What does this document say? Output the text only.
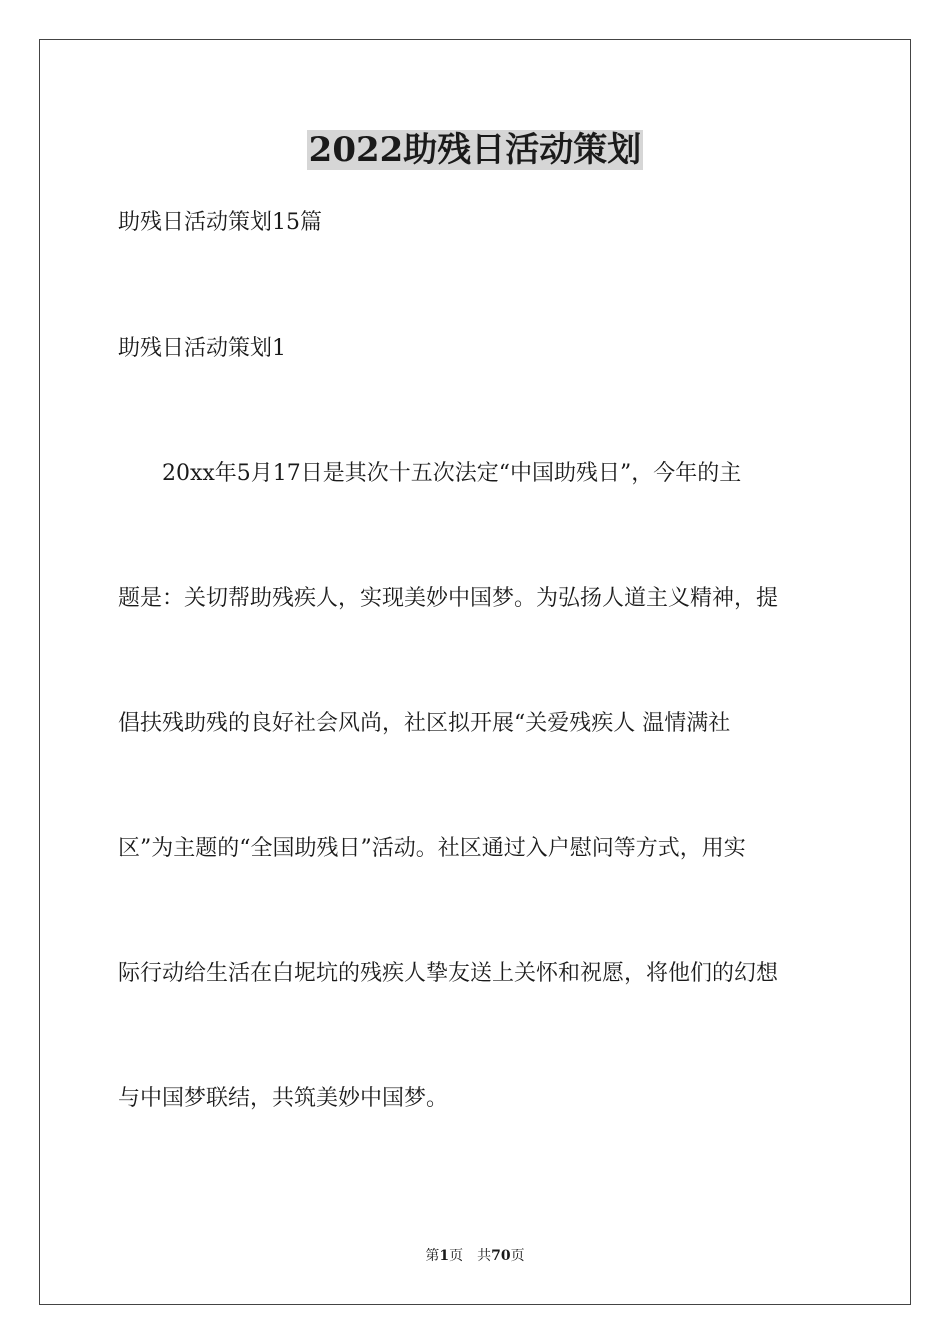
2022助残日活动策划
助残日活动策划15篇
助残日活动策划1
20xx年5月17日是其次十五次法定“中国助残日”，今年的主
题是：关切帮助残疾人，实现美妙中国梦。为弘扬人道主义精神，提
倡扶残助残的良好社会风尚，社区拟开展“关爱残疾人 温情满社
区”为主题的“全国助残日”活动。社区通过入户慰问等方式，用实
际行动给生活在白坭坑的残疾人挚友送上关怀和祝愿，将他们的幻想
与中国梦联结，共筑美妙中国梦。
第1页 共70页
